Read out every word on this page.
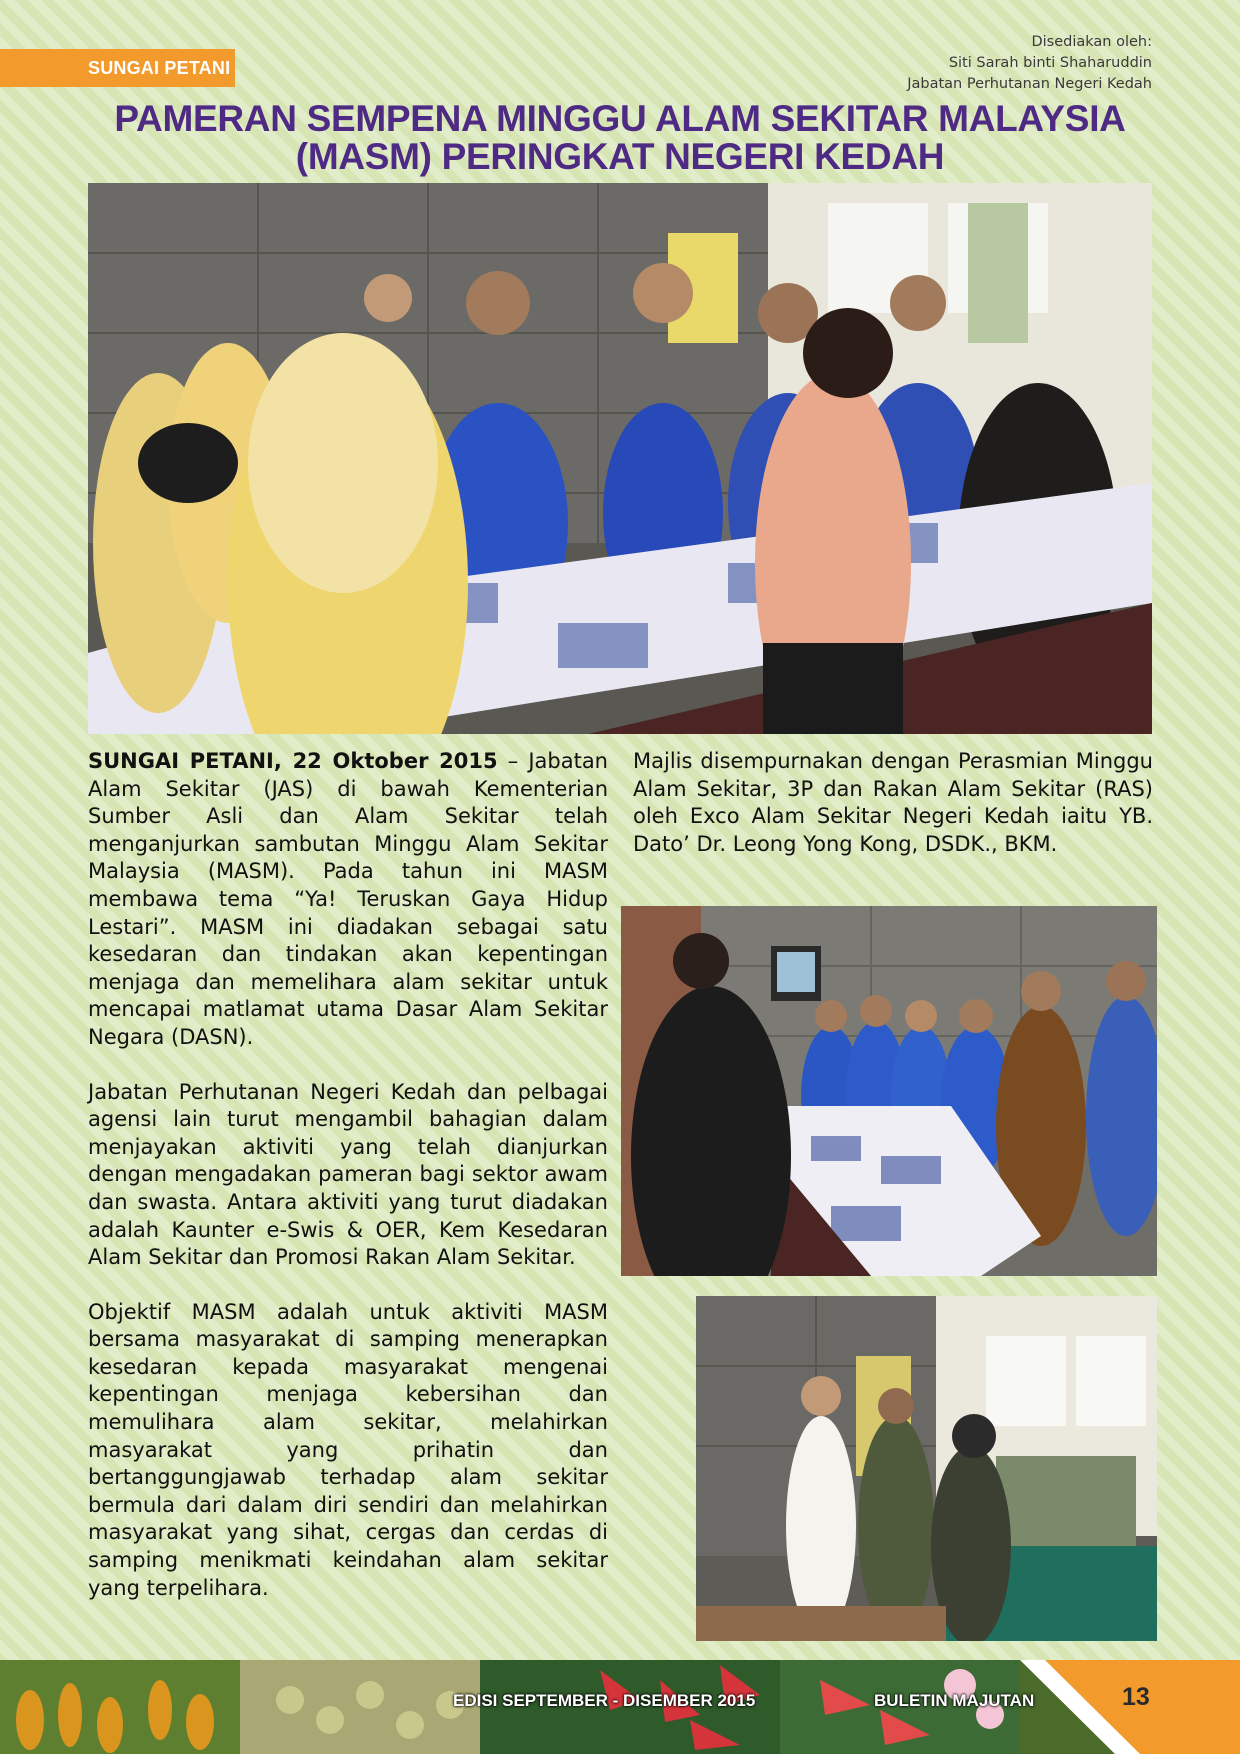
SUNGAI PETANI
Disediakan oleh:
Siti Sarah binti Shaharuddin
Jabatan Perhutanan Negeri Kedah
PAMERAN SEMPENA MINGGU ALAM SEKITAR MALAYSIA
(MASM) PERINGKAT NEGERI KEDAH

SUNGAI PETANI, 22 Oktober 2015 – Jabatan Alam Sekitar (JAS) di bawah Kementerian Sumber Asli dan Alam Sekitar telah menganjurkan sambutan Minggu Alam Sekitar Malaysia (MASM). Pada tahun ini MASM membawa tema “Ya! Teruskan Gaya Hidup Lestari”. MASM ini diadakan sebagai satu kesedaran dan tindakan akan kepentingan menjaga dan memelihara alam sekitar untuk mencapai matlamat utama Dasar Alam Sekitar Negara (DASN).

Jabatan Perhutanan Negeri Kedah dan pelbagai agensi lain turut mengambil bahagian dalam menjayakan aktiviti yang telah dianjurkan dengan mengadakan pameran bagi sektor awam dan swasta. Antara aktiviti yang turut diadakan adalah Kaunter e-Swis & OER, Kem Kesedaran Alam Sekitar dan Promosi Rakan Alam Sekitar.

Objektif MASM adalah untuk aktiviti MASM bersama masyarakat di samping menerapkan kesedaran kepada masyarakat mengenai kepentingan menjaga kebersihan dan memulihara alam sekitar, melahirkan masyarakat yang prihatin dan bertanggungjawab terhadap alam sekitar bermula dari dalam diri sendiri dan melahirkan masyarakat yang sihat, cergas dan cerdas di samping menikmati keindahan alam sekitar yang terpelihara.

Majlis disempurnakan dengan Perasmian Minggu Alam Sekitar, 3P dan Rakan Alam Sekitar (RAS) oleh Exco Alam Sekitar Negeri Kedah iaitu YB. Dato’ Dr. Leong Yong Kong, DSDK., BKM.

EDISI SEPTEMBER - DISEMBER 2015	BULETIN MAJUTAN	13
